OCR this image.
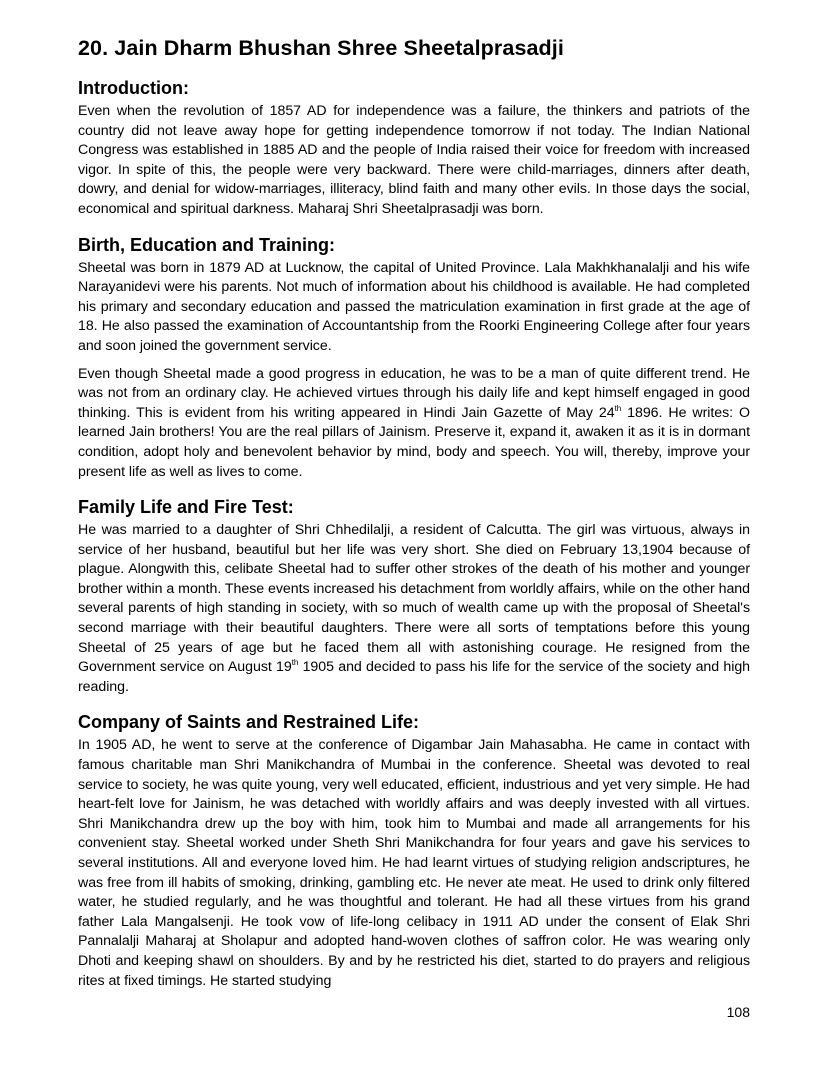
20. Jain Dharm Bhushan Shree Sheetalprasadji
Introduction:

Even when the revolution of 1857 AD for independence was a failure, the thinkers and patriots of the country did not leave away hope for getting independence tomorrow if not today. The Indian National Congress was established in 1885 AD and the people of India raised their voice for freedom with increased vigor. In spite of this, the people were very backward. There were child-marriages, dinners after death, dowry, and denial for widow-marriages, illiteracy, blind faith and many other evils. In those days the social, economical and spiritual darkness. Maharaj Shri Sheetalprasadji was born.

Birth, Education and Training:

Sheetal was born in 1879 AD at Lucknow, the capital of United Province. Lala Makhkhanalalji and his wife Narayanidevi were his parents. Not much of information about his childhood is available. He had completed his primary and secondary education and passed the matriculation examination in first grade at the age of 18. He also passed the examination of Accountantship from the Roorki Engineering College after four years and soon joined the government service.

Even though Sheetal made a good progress in education, he was to be a man of quite different trend. He was not from an ordinary clay. He achieved virtues through his daily life and kept himself engaged in good thinking. This is evident from his writing appeared in Hindi Jain Gazette of May 24th 1896. He writes: O learned Jain brothers! You are the real pillars of Jainism. Preserve it, expand it, awaken it as it is in dormant condition, adopt holy and benevolent behavior by mind, body and speech. You will, thereby, improve your present life as well as lives to come.

Family Life and Fire Test:

He was married to a daughter of Shri Chhedilalji, a resident of Calcutta. The girl was virtuous, always in service of her husband, beautiful but her life was very short. She died on February 13,1904 because of plague. Alongwith this, celibate Sheetal had to suffer other strokes of the death of his mother and younger brother within a month. These events increased his detachment from worldly affairs, while on the other hand several parents of high standing in society, with so much of wealth came up with the proposal of Sheetal's second marriage with their beautiful daughters. There were all sorts of temptations before this young Sheetal of 25 years of age but he faced them all with astonishing courage. He resigned from the Government service on August 19th 1905 and decided to pass his life for the service of the society and high reading.

Company of Saints and Restrained Life:

In 1905 AD, he went to serve at the conference of Digambar Jain Mahasabha. He came in contact with famous charitable man Shri Manikchandra of Mumbai in the conference. Sheetal was devoted to real service to society, he was quite young, very well educated, efficient, industrious and yet very simple. He had heart-felt love for Jainism, he was detached with worldly affairs and was deeply invested with all virtues. Shri Manikchandra drew up the boy with him, took him to Mumbai and made all arrangements for his convenient stay. Sheetal worked under Sheth Shri Manikchandra for four years and gave his services to several institutions. All and everyone loved him. He had learnt virtues of studying religion andscriptures, he was free from ill habits of smoking, drinking, gambling etc. He never ate meat. He used to drink only filtered water, he studied regularly, and he was thoughtful and tolerant. He had all these virtues from his grand father Lala Mangalsenji. He took vow of life-long celibacy in 1911 AD under the consent of Elak Shri Pannalalji Maharaj at Sholapur and adopted hand-woven clothes of saffron color. He was wearing only Dhoti and keeping shawl on shoulders. By and by he restricted his diet, started to do prayers and religious rites at fixed timings. He started studying

108
